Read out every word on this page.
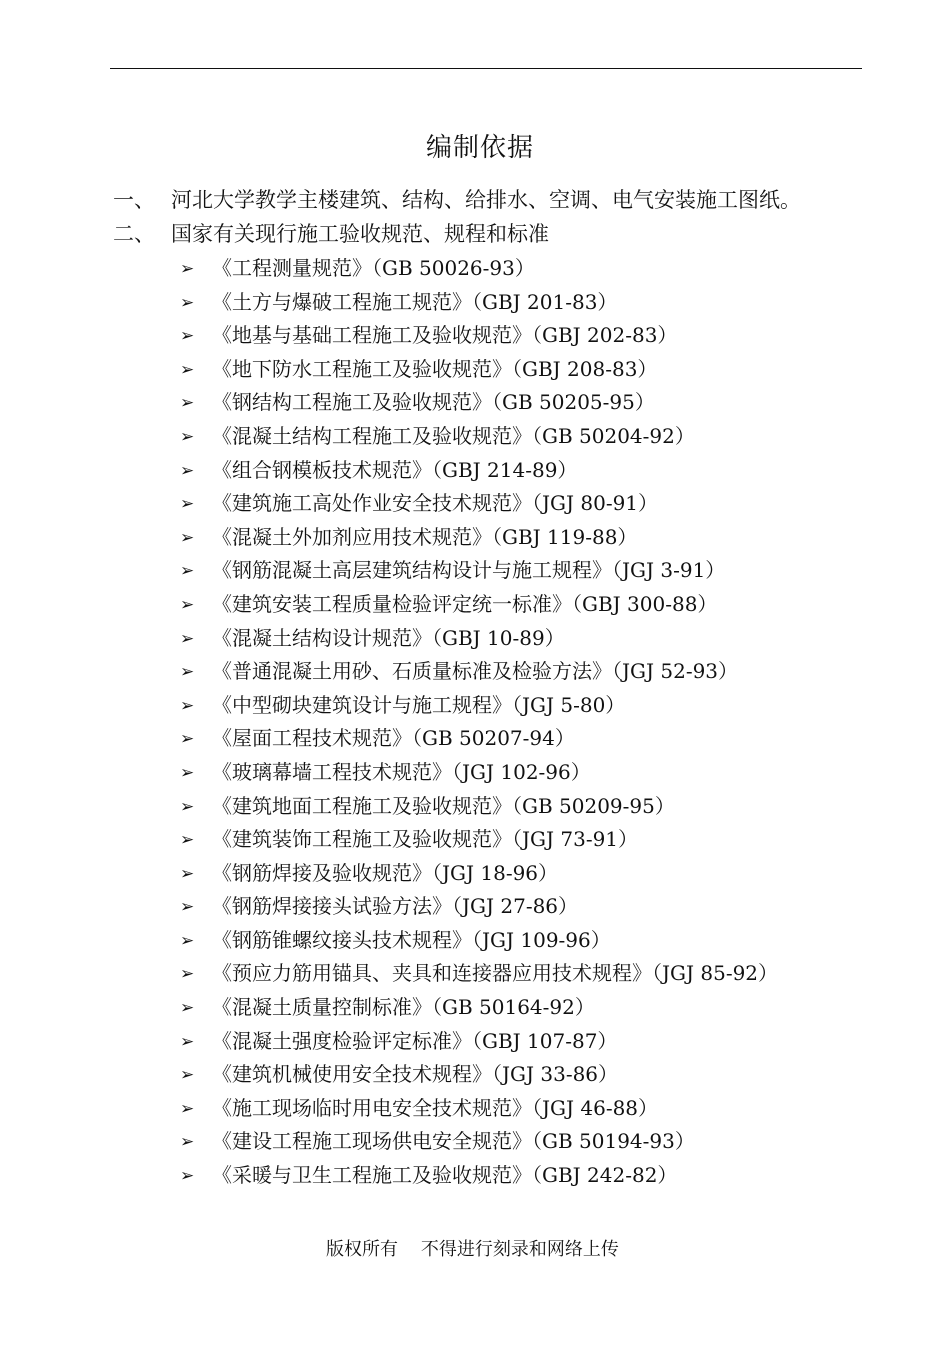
编制依据
一、 河北大学教学主楼建筑、结构、给排水、空调、电气安装施工图纸。
二、 国家有关现行施工验收规范、规程和标准
➢ 《工程测量规范》（GB 50026-93）
➢ 《土方与爆破工程施工规范》（GBJ 201-83）
➢ 《地基与基础工程施工及验收规范》（GBJ 202-83）
➢ 《地下防水工程施工及验收规范》（GBJ 208-83）
➢ 《钢结构工程施工及验收规范》（GB 50205-95）
➢ 《混凝土结构工程施工及验收规范》（GB 50204-92）
➢ 《组合钢模板技术规范》（GBJ 214-89）
➢ 《建筑施工高处作业安全技术规范》（JGJ 80-91）
➢ 《混凝土外加剂应用技术规范》（GBJ 119-88）
➢ 《钢筋混凝土高层建筑结构设计与施工规程》（JGJ 3-91）
➢ 《建筑安装工程质量检验评定统一标准》（GBJ 300-88）
➢ 《混凝土结构设计规范》（GBJ 10-89）
➢ 《普通混凝土用砂、石质量标准及检验方法》（JGJ 52-93）
➢ 《中型砌块建筑设计与施工规程》（JGJ 5-80）
➢ 《屋面工程技术规范》（GB 50207-94）
➢ 《玻璃幕墙工程技术规范》（JGJ 102-96）
➢ 《建筑地面工程施工及验收规范》（GB 50209-95）
➢ 《建筑装饰工程施工及验收规范》（JGJ 73-91）
➢ 《钢筋焊接及验收规范》（JGJ 18-96）
➢ 《钢筋焊接接头试验方法》（JGJ 27-86）
➢ 《钢筋锥螺纹接头技术规程》（JGJ 109-96）
➢ 《预应力筋用锚具、夹具和连接器应用技术规程》（JGJ 85-92）
➢ 《混凝土质量控制标准》（GB 50164-92）
➢ 《混凝土强度检验评定标准》（GBJ 107-87）
➢ 《建筑机械使用安全技术规程》（JGJ 33-86）
➢ 《施工现场临时用电安全技术规范》（JGJ 46-88）
➢ 《建设工程施工现场供电安全规范》（GB 50194-93）
➢ 《采暖与卫生工程施工及验收规范》（GBJ 242-82）
版权所有    不得进行刻录和网络上传
